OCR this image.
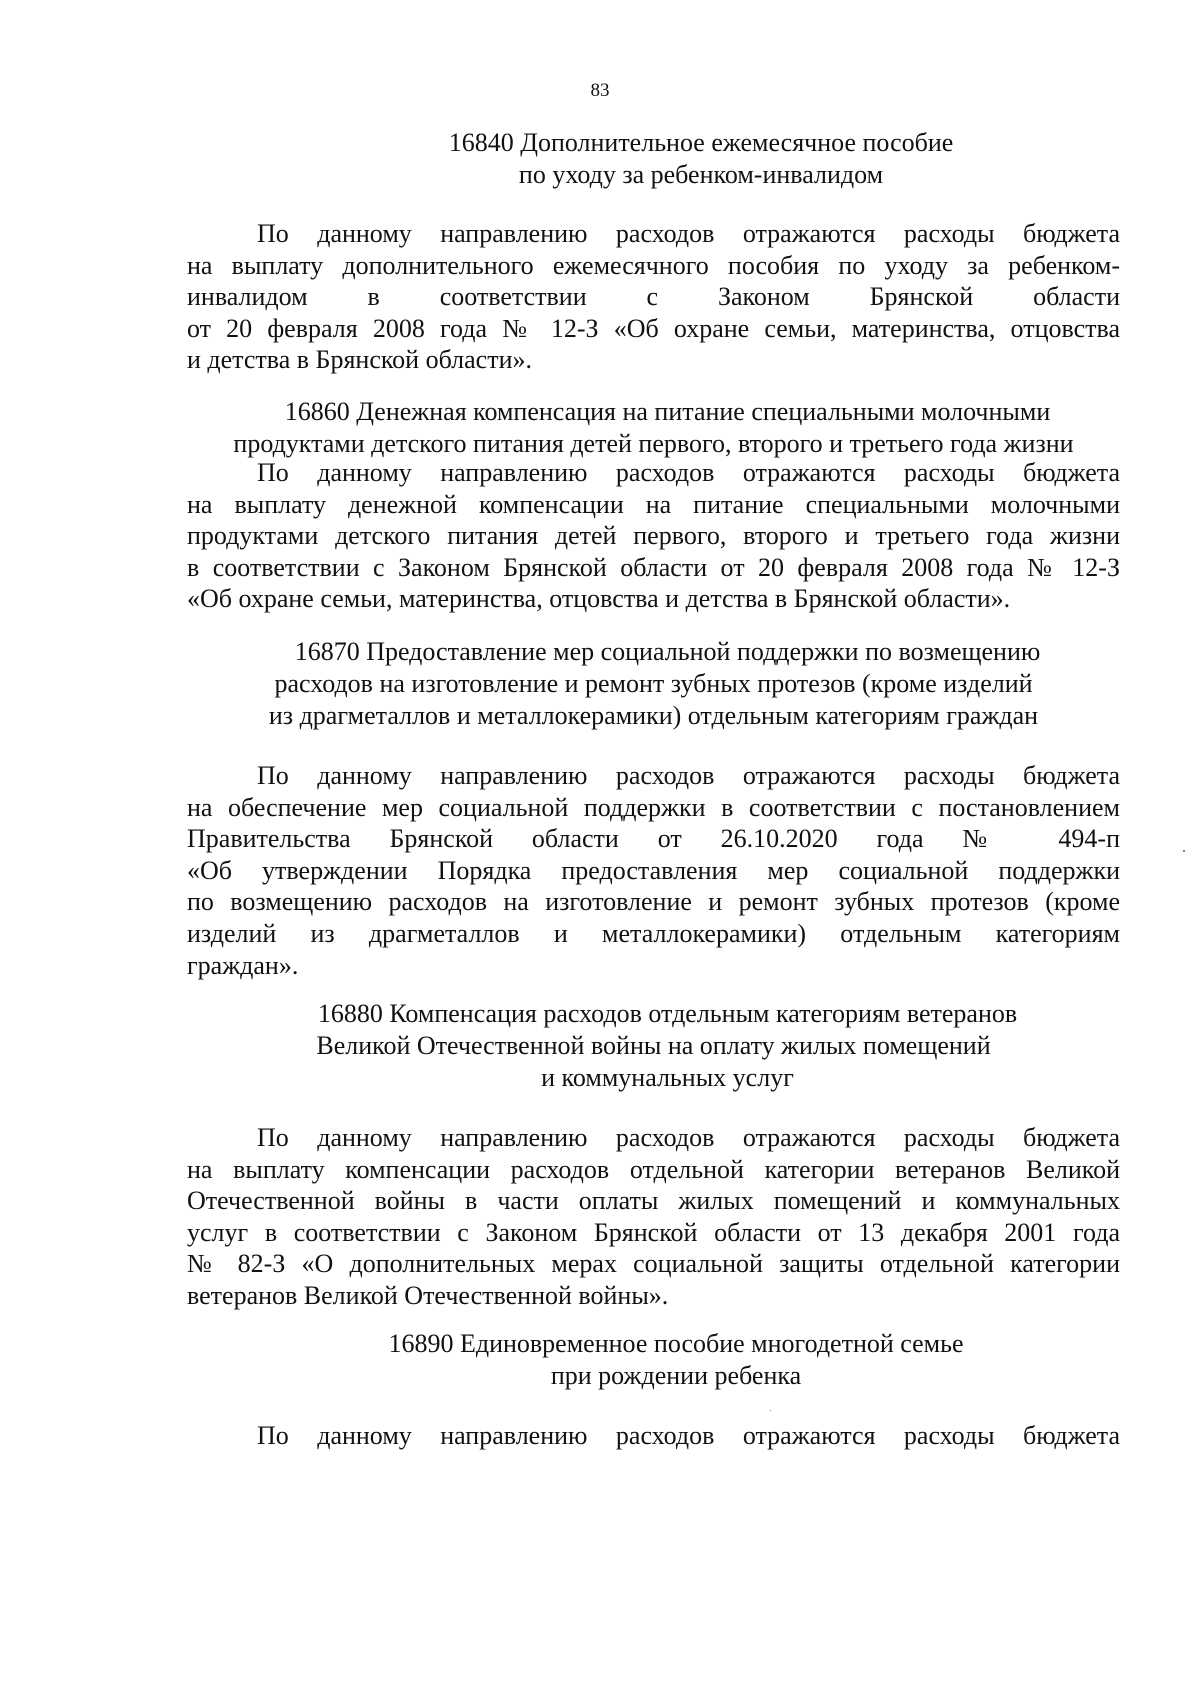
83
16840 Дополнительное ежемесячное пособие
по уходу за ребенком-инвалидом
По данному направлению расходов отражаются расходы бюджета
на выплату дополнительного ежемесячного пособия по уходу за ребенком-
инвалидом в соответствии с Законом Брянской области
от 20 февраля 2008 года № 12-З «Об охране семьи, материнства, отцовства
и детства в Брянской области».
16860 Денежная компенсация на питание специальными молочными
продуктами детского питания детей первого, второго и третьего года жизни
По данному направлению расходов отражаются расходы бюджета
на выплату денежной компенсации на питание специальными молочными
продуктами детского питания детей первого, второго и третьего года жизни
в соответствии с Законом Брянской области от 20 февраля 2008 года № 12-З
«Об охране семьи, материнства, отцовства и детства в Брянской области».
16870 Предоставление мер социальной поддержки по возмещению
расходов на изготовление и ремонт зубных протезов (кроме изделий
из драгметаллов и металлокерамики) отдельным категориям граждан
По данному направлению расходов отражаются расходы бюджета
на обеспечение мер социальной поддержки в соответствии с постановлением
Правительства Брянской области от 26.10.2020 года № 494-п
«Об утверждении Порядка предоставления мер социальной поддержки
по возмещению расходов на изготовление и ремонт зубных протезов (кроме
изделий из драгметаллов и металлокерамики) отдельным категориям
граждан».
16880 Компенсация расходов отдельным категориям ветеранов
Великой Отечественной войны на оплату жилых помещений
и коммунальных услуг
По данному направлению расходов отражаются расходы бюджета
на выплату компенсации расходов отдельной категории ветеранов Великой
Отечественной войны в части оплаты жилых помещений и коммунальных
услуг в соответствии с Законом Брянской области от 13 декабря 2001 года
№ 82-З «О дополнительных мерах социальной защиты отдельной категории
ветеранов Великой Отечественной войны».
16890 Единовременное пособие многодетной семье
при рождении ребенка
По данному направлению расходов отражаются расходы бюджета
